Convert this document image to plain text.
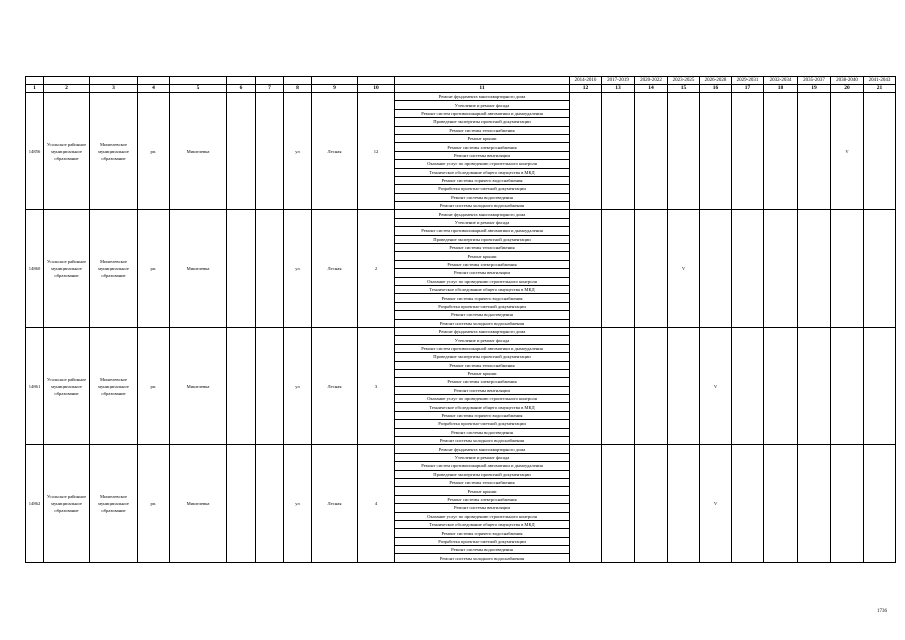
											2014-2016	2017-2019	2020-2022	2023-2025	2026-2028	2029-2031	2032-2034	2035-2037	2038-2040	2041-2043
1	2	3	4	5	6	7	8	9	10	11	12	13	14	15	16	17	18	19	20	21
14856	Усольское районное муниципальное образование	Мишелевское муниципальное образование	рп.	Мишелевка			ул	Лесная	12	Ремонт фундамента многоквартирного дома									V	
										Утепление и ремонт фасада										
										Ремонт систем противопожарной автоматики и дымоудаления										
										Проведение экспертизы проектной документации										
										Ремонт системы теплоснабжения										
										Ремонт крыши										
										Ремонт системы электроснабжения										
										Ремонт системы вентиляции										
										Оказание услуг по проведению строительного контроля										
										Техническое обследование общего имущества в МКД										
										Ремонт системы горячего водоснабжения										
										Разработка проектно-сметной документации										
										Ремонт системы водоотведения										
										Ремонт системы холодного водоснабжения										
14860	Усольское районное муниципальное образование	Мишелевское муниципальное образование	рп.	Мишелевка			ул	Лесная	2	Ремонт фундамента многоквартирного дома				V						
										Утепление и ремонт фасада										
										Ремонт систем противопожарной автоматики и дымоудаления										
										Проведение экспертизы проектной документации										
										Ремонт системы теплоснабжения										
										Ремонт крыши										
										Ремонт системы электроснабжения										
										Ремонт системы вентиляции										
										Оказание услуг по проведению строительного контроля										
										Техническое обследование общего имущества в МКД										
										Ремонт системы горячего водоснабжения										
										Разработка проектно-сметной документации										
										Ремонт системы водоотведения										
										Ремонт системы холодного водоснабжения										
14861	Усольское районное муниципальное образование	Мишелевское муниципальное образование	рп.	Мишелевка			ул	Лесная	3	Ремонт фундамента многоквартирного дома					V					
										Утепление и ремонт фасада										
										Ремонт систем противопожарной автоматики и дымоудаления										
										Проведение экспертизы проектной документации										
										Ремонт системы теплоснабжения										
										Ремонт крыши										
										Ремонт системы электроснабжения										
										Ремонт системы вентиляции										
										Оказание услуг по проведению строительного контроля										
										Техническое обследование общего имущества в МКД										
										Ремонт системы горячего водоснабжения										
										Разработка проектно-сметной документации										
										Ремонт системы водоотведения										
										Ремонт системы холодного водоснабжения										
14862	Усольское районное муниципальное образование	Мишелевское муниципальное образование	рп.	Мишелевка			ул	Лесная	4	Ремонт фундамента многоквартирного дома					V					
										Утепление и ремонт фасада										
										Ремонт систем противопожарной автоматики и дымоудаления										
										Проведение экспертизы проектной документации										
										Ремонт системы теплоснабжения										
										Ремонт крыши										
										Ремонт системы электроснабжения										
										Ремонт системы вентиляции										
										Оказание услуг по проведению строительного контроля										
										Техническое обследование общего имущества в МКД										
										Ремонт системы горячего водоснабжения										
										Разработка проектно-сметной документации										
										Ремонт системы водоотведения										
										Ремонт системы холодного водоснабжения										
1736
